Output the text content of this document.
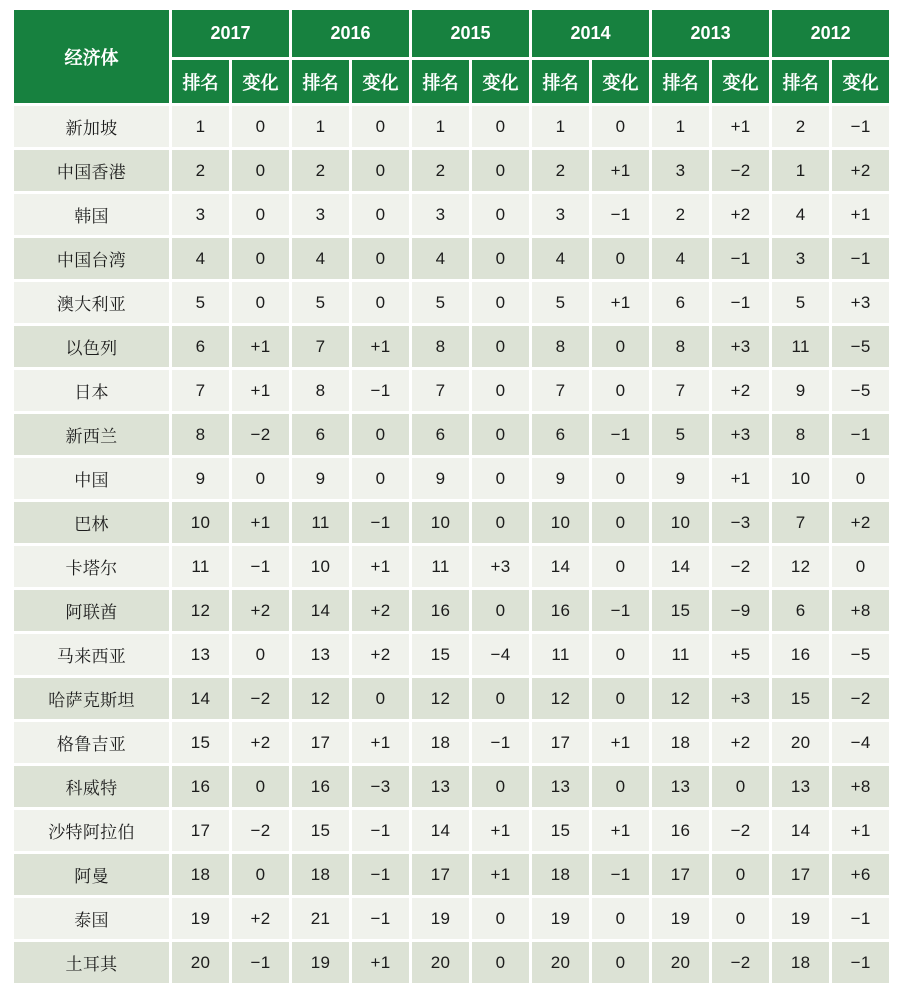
经济体	2017		2016		2015		2014		2013		2012	
	排名	变化	排名	变化	排名	变化	排名	变化	排名	变化	排名	变化
新加坡	1	0	1	0	1	0	1	0	1	+1	2	−1
中国香港	2	0	2	0	2	0	2	+1	3	−2	1	+2
韩国	3	0	3	0	3	0	3	−1	2	+2	4	+1
中国台湾	4	0	4	0	4	0	4	0	4	−1	3	−1
澳大利亚	5	0	5	0	5	0	5	+1	6	−1	5	+3
以色列	6	+1	7	+1	8	0	8	0	8	+3	11	−5
日本	7	+1	8	−1	7	0	7	0	7	+2	9	−5
新西兰	8	−2	6	0	6	0	6	−1	5	+3	8	−1
中国	9	0	9	0	9	0	9	0	9	+1	10	0
巴林	10	+1	11	−1	10	0	10	0	10	−3	7	+2
卡塔尔	11	−1	10	+1	11	+3	14	0	14	−2	12	0
阿联酋	12	+2	14	+2	16	0	16	−1	15	−9	6	+8
马来西亚	13	0	13	+2	15	−4	11	0	11	+5	16	−5
哈萨克斯坦	14	−2	12	0	12	0	12	0	12	+3	15	−2
格鲁吉亚	15	+2	17	+1	18	−1	17	+1	18	+2	20	−4
科威特	16	0	16	−3	13	0	13	0	13	0	13	+8
沙特阿拉伯	17	−2	15	−1	14	+1	15	+1	16	−2	14	+1
阿曼	18	0	18	−1	17	+1	18	−1	17	0	17	+6
泰国	19	+2	21	−1	19	0	19	0	19	0	19	−1
土耳其	20	−1	19	+1	20	0	20	0	20	−2	18	−1
